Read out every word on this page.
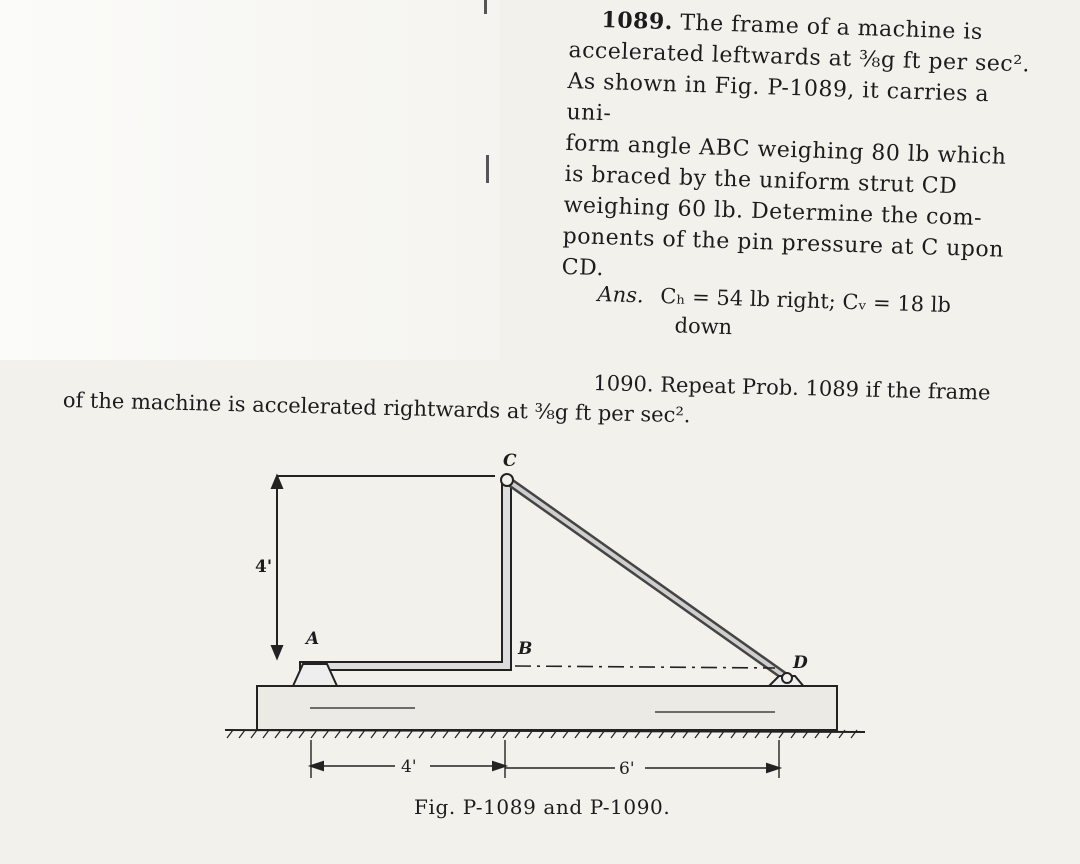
1089. The frame of a machine is

accelerated leftwards at ⅜g ft per sec².

As shown in Fig. P-1089, it carries a uni-

form angle ABC weighing 80 lb which

is braced by the uniform strut CD

weighing 60 lb. Determine the com-

ponents of the pin pressure at C upon

CD.

Ans. Cₕ = 54 lb right; Cᵥ = 18 lb
down
1090. Repeat Prob. 1089 if the frame
of the machine is accelerated rightwards at ⅜g ft per sec².
C
A	B
D
4'
4'	6'
Fig. P-1089 and P-1090.
